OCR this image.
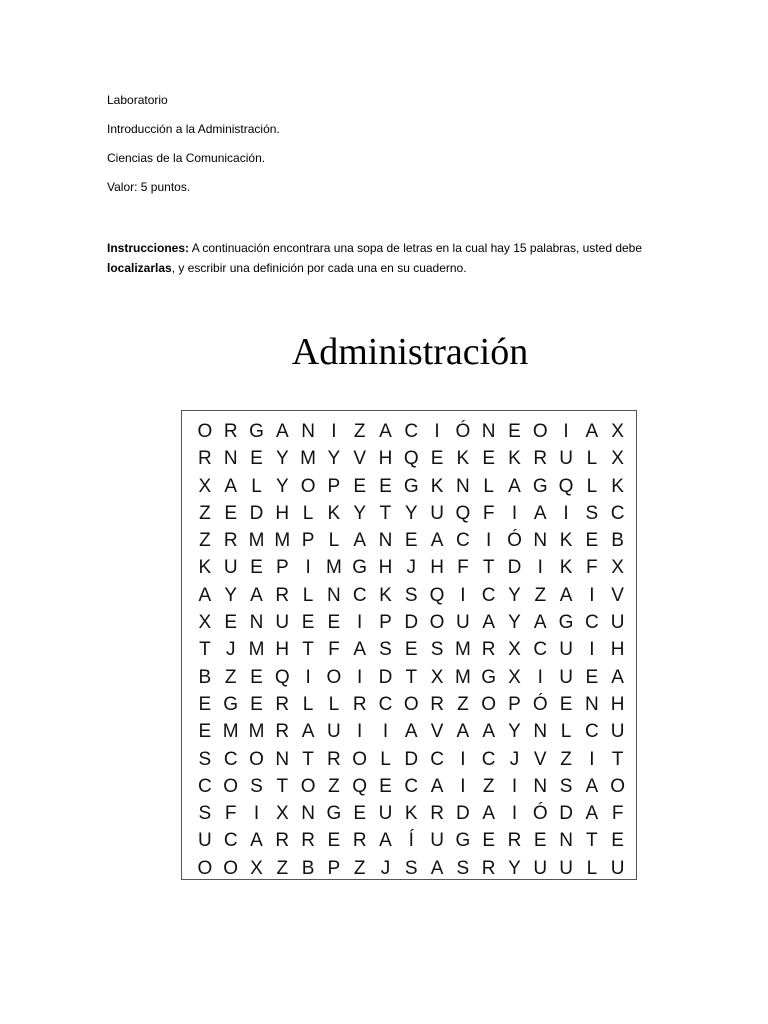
Laboratorio
Introducción a la Administración.
Ciencias de la Comunicación.
Valor: 5 puntos.
Instrucciones: A continuación encontrara una sopa de letras en la cual hay 15 palabras, usted debe localizarlas, y escribir una definición por cada una en su cuaderno.
Administración
O R G A N I Z A C I Ó N E O I A X
R N E Y M Y V H Q E K E K R U L X
X A L Y O P E E G K N L A G Q L K
Z E D H L K Y T Y U Q F I A I S C
Z R M M P L A N E A C I Ó N K E B
K U E P I M G H J H F T D I K F X
A Y A R L N C K S Q I C Y Z A I V
X E N U E E I P D O U A Y A G C U
T J M H T F A S E S M R X C U I H
B Z E Q I O I D T X M G X I U E A
E G E R L L R C O R Z O P Ó E N H
E M M R A U I	I A V A A Y N L C U
S C O N T R O L D C I C J V Z I T
C O S T O Z Q E C A I Z I N S A O
S F I X N G E U K R D A I Ó D A F
U C A R R E R A Í U G E R E N T E
O O X Z B P Z J S A S R Y U U L U
